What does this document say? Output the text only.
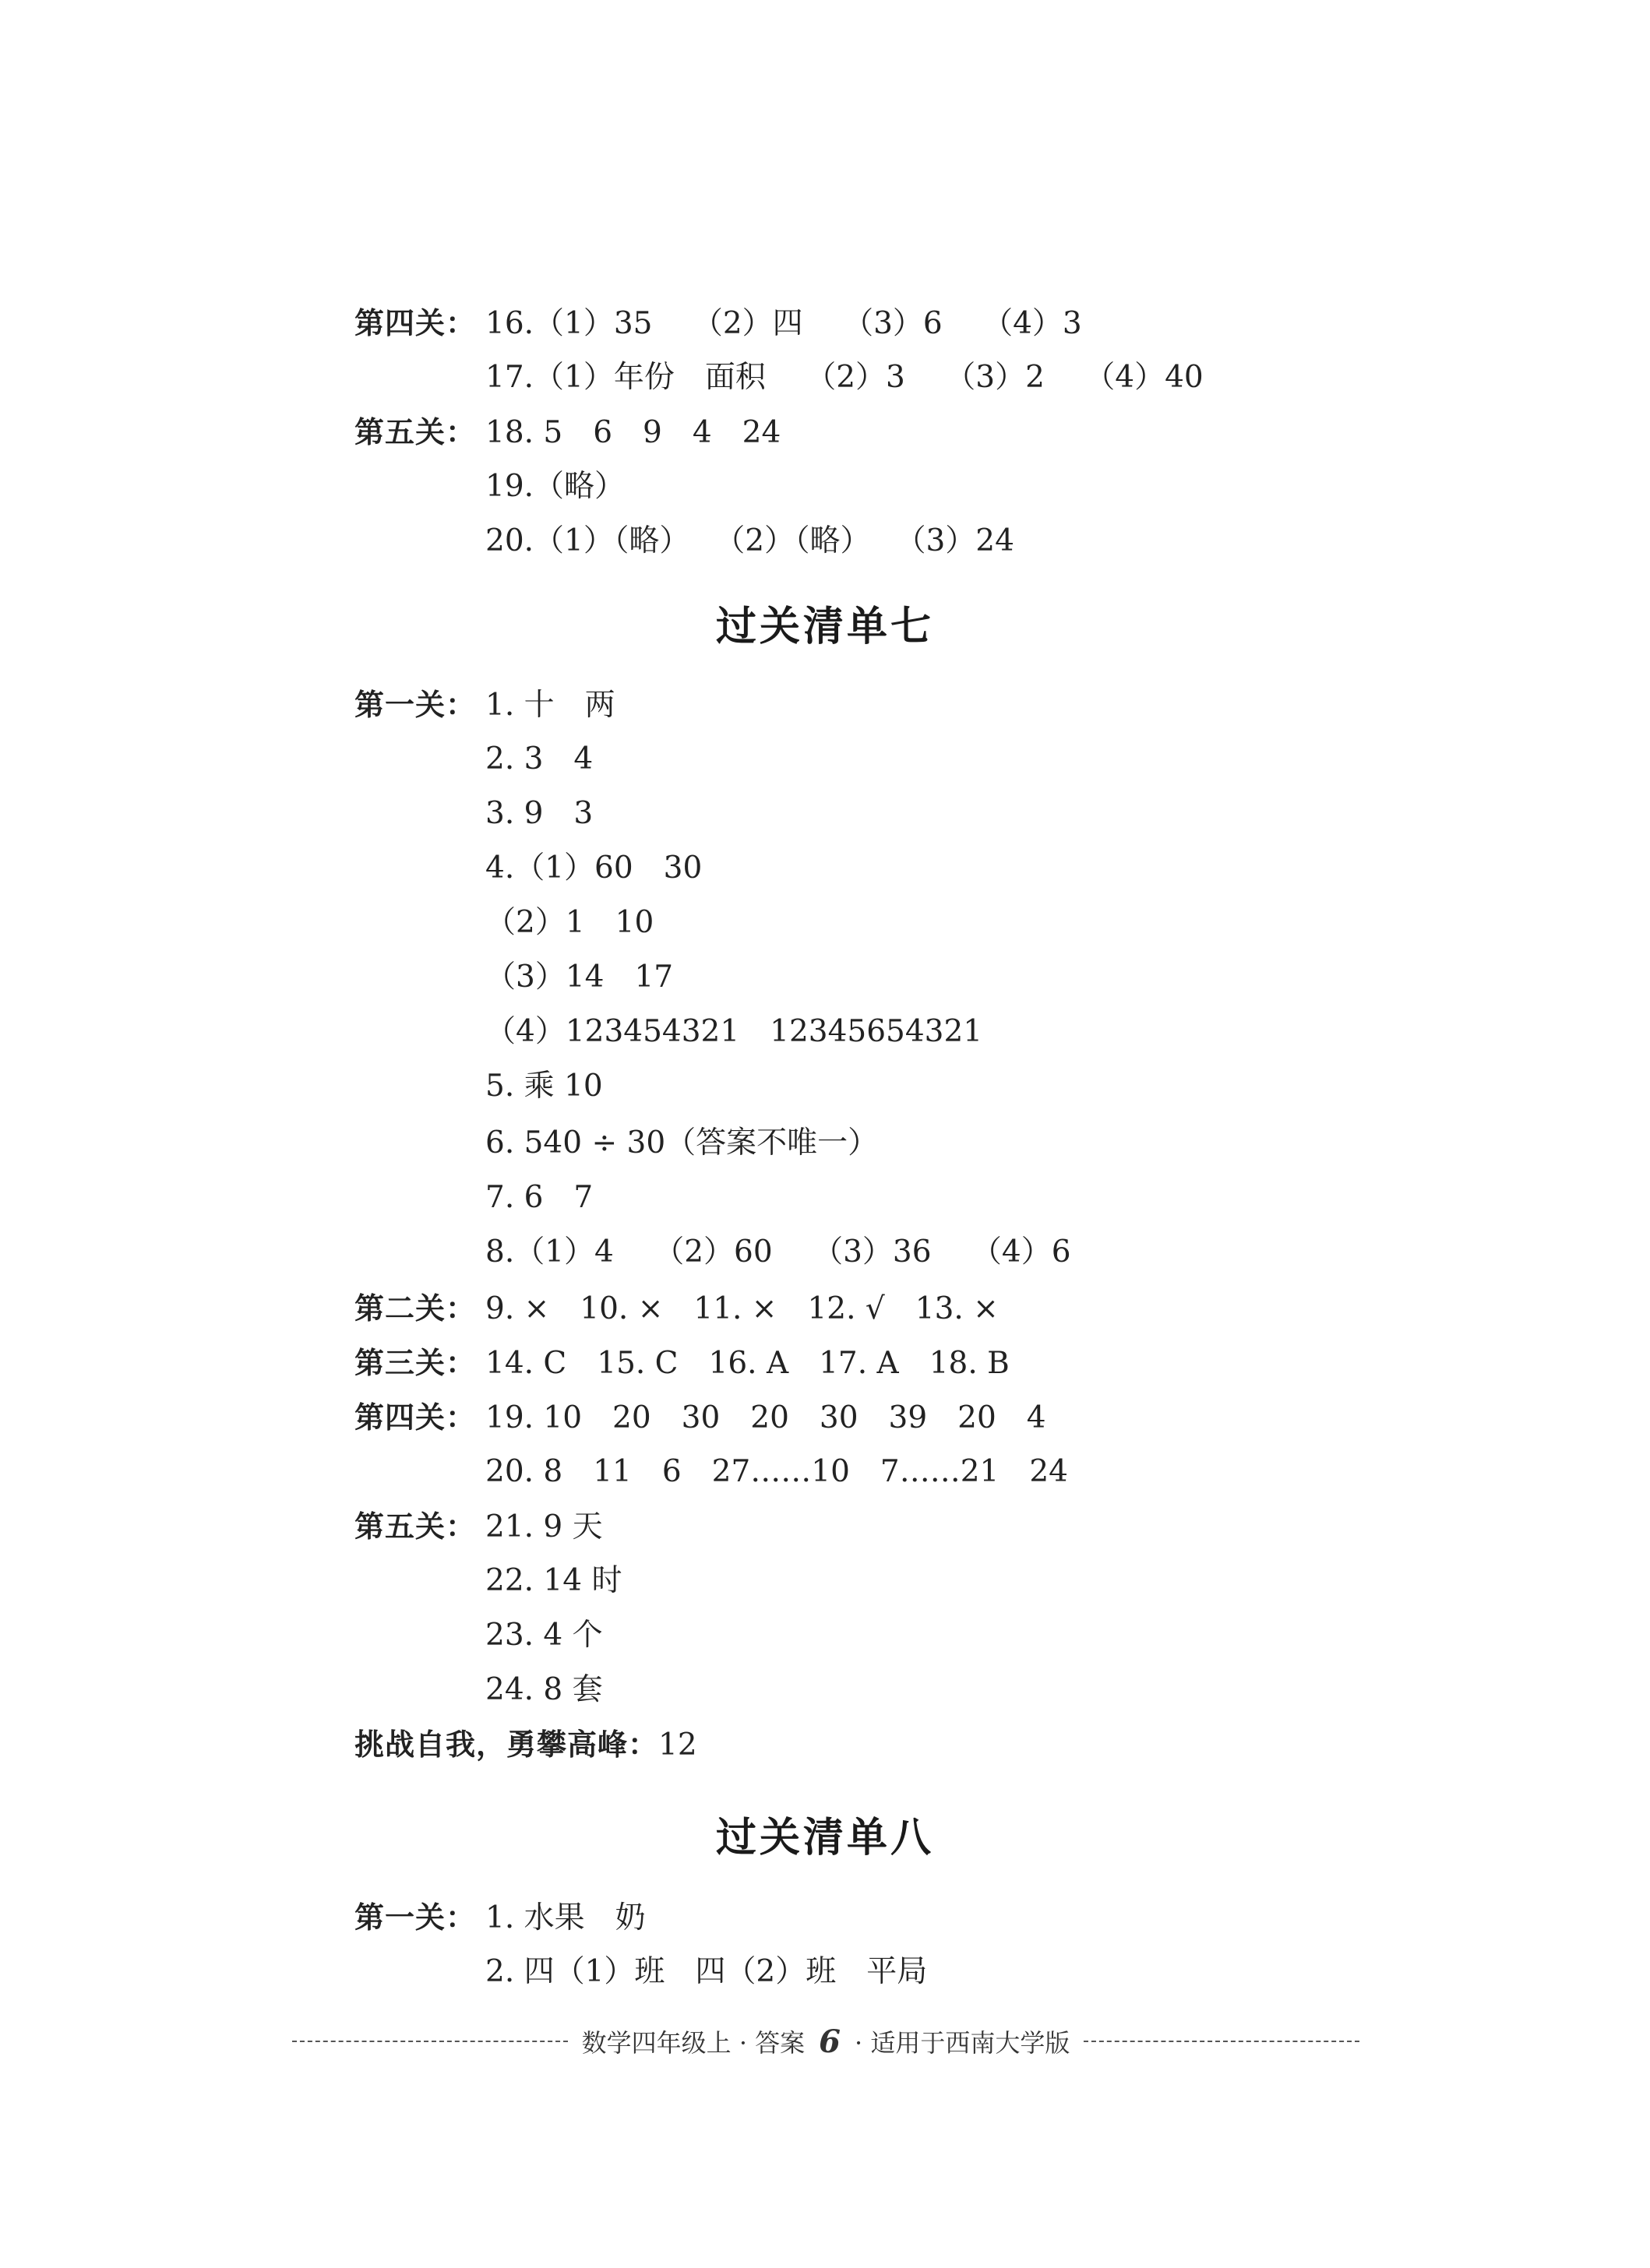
第四关： 16.（1）35　 （2）四　 （3）6　 （4）3
17.（1）年份　面积　 （2）3　 （3）2　 （4）40
第五关： 18. 5　6　9　4　24
19.（略）
20.（1）（略）　 （2）（略）　 （3）24
过关清单七
第一关： 1. 十　两
2. 3　4
3. 9　3
4.（1）60　30
（2）1　10
（3）14　17
（4）123454321　12345654321
5. 乘 10
6. 540 ÷ 30（答案不唯一）
7. 6　7
8.（1）4　 （2）60　 （3）36　 （4）6
第二关： 9. ×　10. ×　11. ×　12. √　13. ×
第三关： 14. C　15. C　16. A　17. A　18. B
第四关： 19. 10　20　30　20　30　39　20　4
20. 8　11　6　27……10　7……21　24
第五关： 21. 9 天
22. 14 时
23. 4 个
24. 8 套
挑战自我，勇攀高峰：12
过关清单八
第一关： 1. 水果　奶
2. 四（1）班　四（2）班　平局
数学四年级上 · 答案 6 · 适用于西南大学版
